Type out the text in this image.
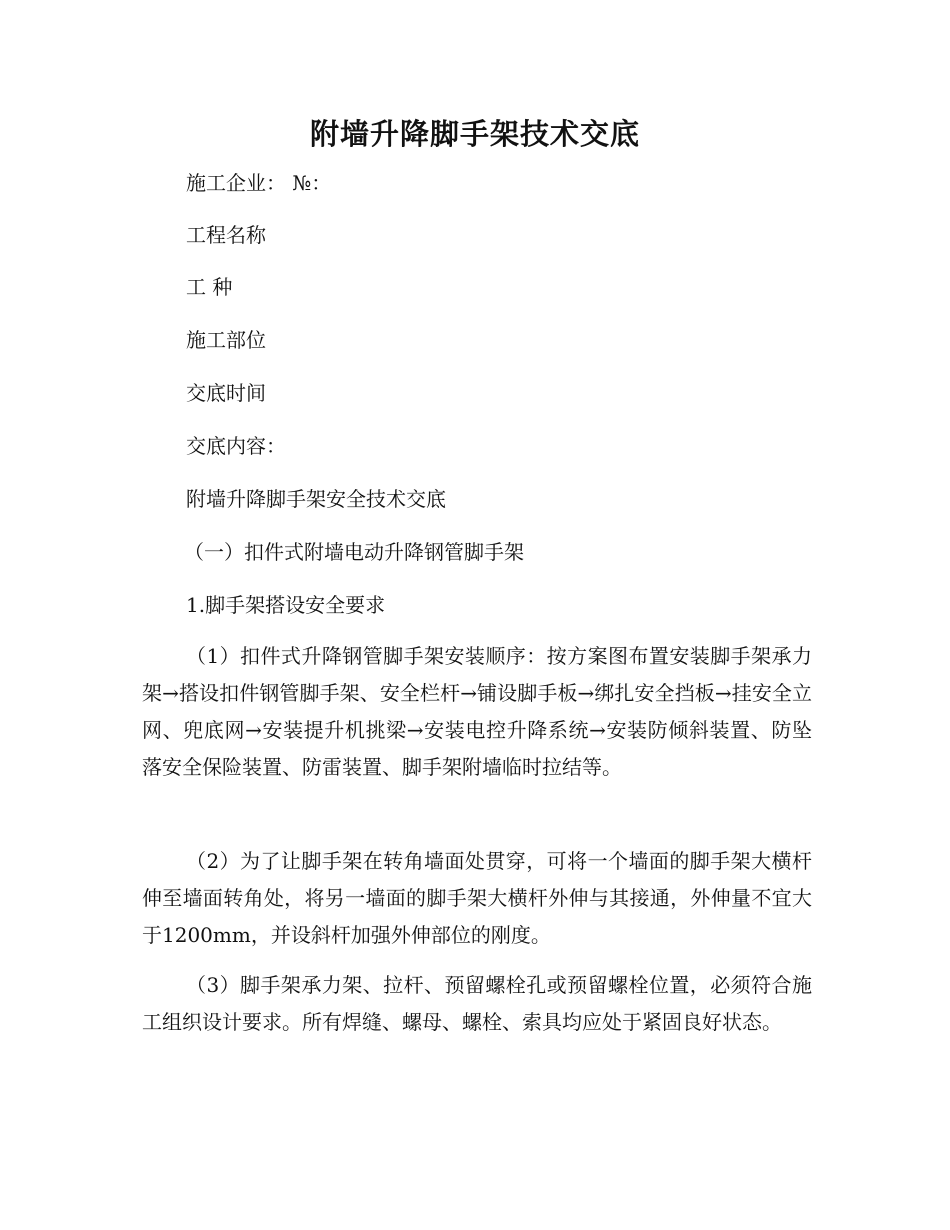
附墙升降脚手架技术交底
施工企业： №：
工程名称
工 种
施工部位
交底时间
交底内容：
附墙升降脚手架安全技术交底
（一）扣件式附墙电动升降钢管脚手架
1.脚手架搭设安全要求
（1）扣件式升降钢管脚手架安装顺序：按方案图布置安装脚手架承力架→搭设扣件钢管脚手架、安全栏杆→铺设脚手板→绑扎安全挡板→挂安全立网、兜底网→安装提升机挑梁→安装电控升降系统→安装防倾斜装置、防坠落安全保险装置、防雷装置、脚手架附墙临时拉结等。
（2）为了让脚手架在转角墙面处贯穿，可将一个墙面的脚手架大横杆伸至墙面转角处，将另一墙面的脚手架大横杆外伸与其接通，外伸量不宜大于1200mm，并设斜杆加强外伸部位的刚度。
（3）脚手架承力架、拉杆、预留螺栓孔或预留螺栓位置，必须符合施工组织设计要求。所有焊缝、螺母、螺栓、索具均应处于紧固良好状态。
